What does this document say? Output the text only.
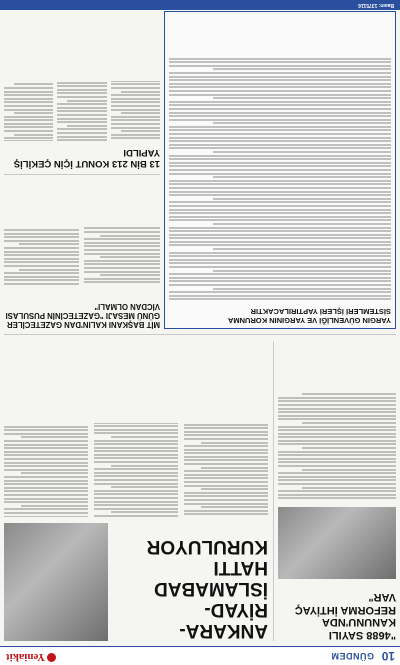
10
GÜNDEM
Yeniakit
"4688 SAYILI KANUNU'NDA REFORMA İHTİYAÇ VAR"
ANKARA-RİYAD-İSLAMABAD HATTI KURULUYOR
YARGIN GÜVENLİĞİ VE YARGININ KORUNMA
SİSTEMLERİ İŞLERİ YAPTIRILACAKTIR
MİT BAŞKANI KALIN'DAN GAZETECİLER GÜNÜ MESAJI "GAZETECİNİN PUSULASI VİCDAN OLMALI"
13 BİN 213 KONUT İÇİN ÇEKİLİŞ YAPILDI
Basın: 1375116
